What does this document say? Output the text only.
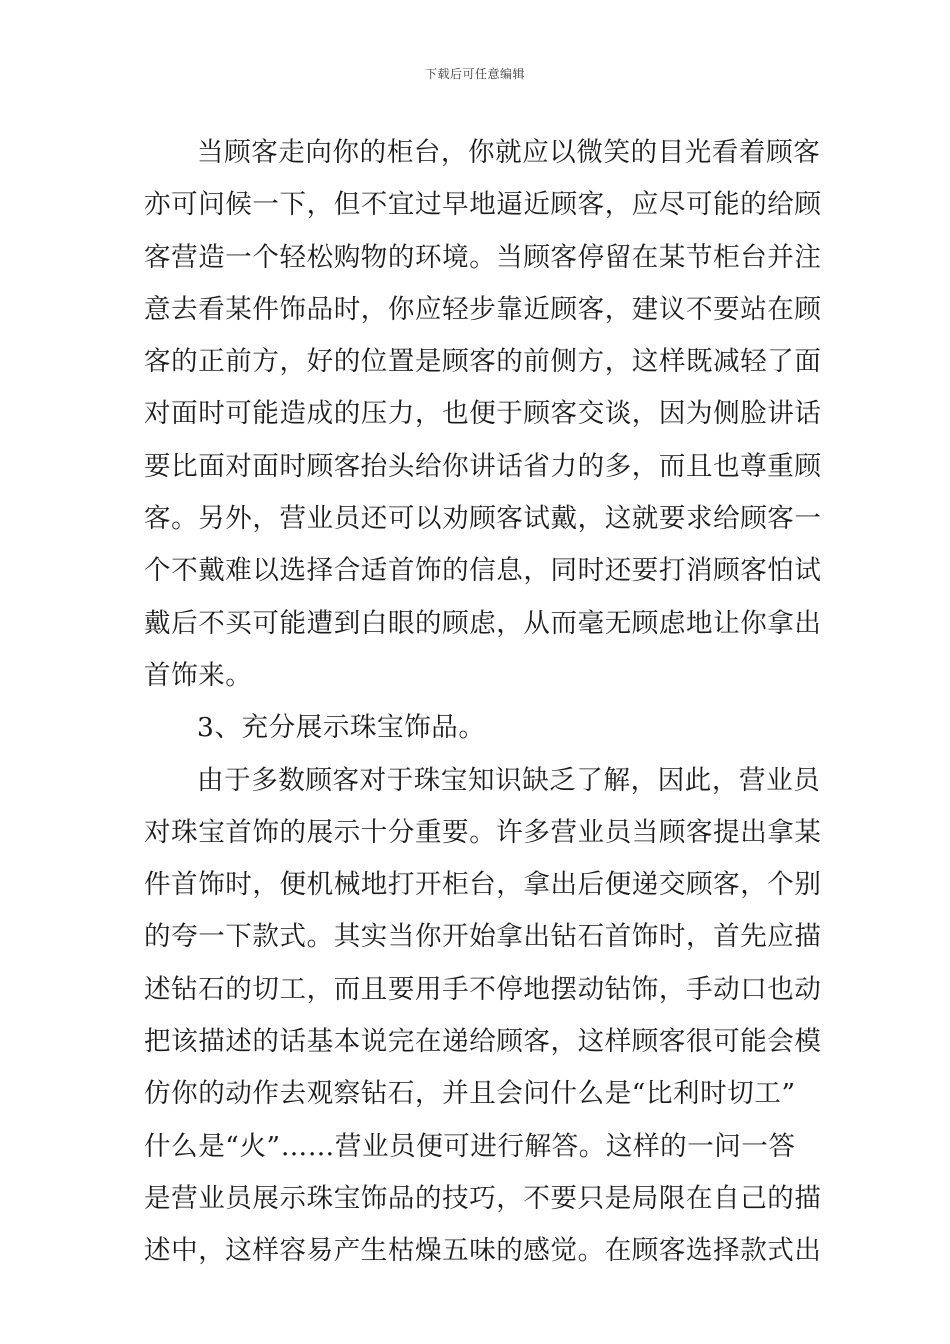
下载后可任意编辑
当顾客走向你的柜台，你就应以微笑的目光看着顾客
亦可问候一下，但不宜过早地逼近顾客，应尽可能的给顾
客营造一个轻松购物的环境。当顾客停留在某节柜台并注
意去看某件饰品时，你应轻步靠近顾客，建议不要站在顾
客的正前方，好的位置是顾客的前侧方，这样既减轻了面
对面时可能造成的压力，也便于顾客交谈，因为侧脸讲话
要比面对面时顾客抬头给你讲话省力的多，而且也尊重顾
客。另外，营业员还可以劝顾客试戴，这就要求给顾客一
个不戴难以选择合适首饰的信息，同时还要打消顾客怕试
戴后不买可能遭到白眼的顾虑，从而毫无顾虑地让你拿出
首饰来。
3、充分展示珠宝饰品。
由于多数顾客对于珠宝知识缺乏了解，因此，营业员
对珠宝首饰的展示十分重要。许多营业员当顾客提出拿某
件首饰时，便机械地打开柜台，拿出后便递交顾客，个别
的夸一下款式。其实当你开始拿出钻石首饰时，首先应描
述钻石的切工，而且要用手不停地摆动钻饰，手动口也动
把该描述的话基本说完在递给顾客，这样顾客很可能会模
仿你的动作去观察钻石，并且会问什么是“比利时切工”
什么是“火”……营业员便可进行解答。这样的一问一答
是营业员展示珠宝饰品的技巧，不要只是局限在自己的描
述中，这样容易产生枯燥五味的感觉。在顾客选择款式出
